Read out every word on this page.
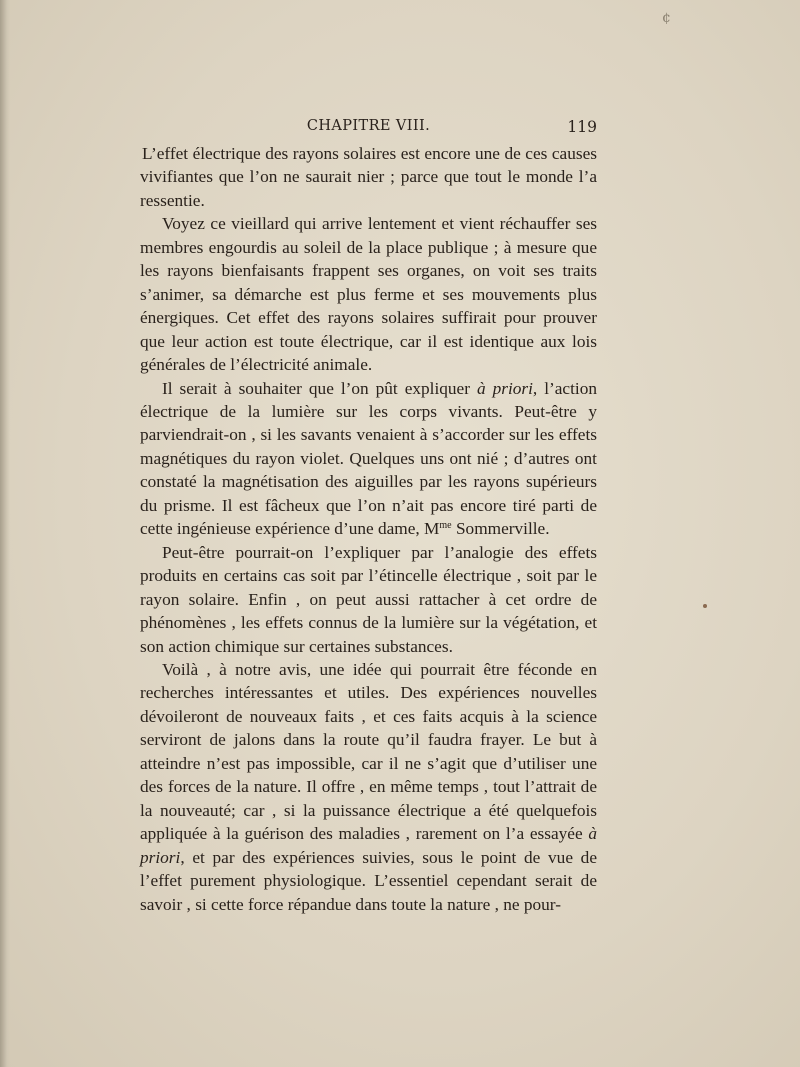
¢
CHAPITRE VIII.	119

L’effet électrique des rayons solaires est encore une de ces causes vivifiantes que l’on ne saurait nier ; parce que tout le monde l’a ressentie.

Voyez ce vieillard qui arrive lentement et vient réchauffer ses membres engourdis au soleil de la place publique ; à mesure que les rayons bienfaisants frappent ses organes, on voit ses traits s’animer, sa démarche est plus ferme et ses mouvements plus énergiques. Cet effet des rayons solaires suffirait pour prouver que leur action est toute électrique, car il est identique aux lois générales de l’électricité animale.

Il serait à souhaiter que l’on pût expliquer à priori, l’action électrique de la lumière sur les corps vivants. Peut-être y parviendrait-on , si les savants venaient à s’accorder sur les effets magnétiques du rayon violet. Quelques uns ont nié ; d’autres ont constaté la magnétisation des aiguilles par les rayons supérieurs du prisme. Il est fâcheux que l’on n’ait pas encore tiré parti de cette ingénieuse expérience d’une dame, $M^{me}$ Sommerville.

Peut-être pourrait-on l’expliquer par l’analogie des effets produits en certains cas soit par l’étincelle électrique , soit par le rayon solaire. Enfin , on peut aussi rattacher à cet ordre de phénomènes , les effets connus de la lumière sur la végétation, et son action chimique sur certaines substances.

Voilà , à notre avis, une idée qui pourrait être féconde en recherches intéressantes et utiles. Des expériences nouvelles dévoileront de nouveaux faits , et ces faits acquis à la science serviront de jalons dans la route qu’il faudra frayer. Le but à atteindre n’est pas impossible, car il ne s’agit que d’utiliser une des forces de la nature. Il offre , en même temps , tout l’attrait de la nouveauté; car , si la puissance électrique a été quelquefois appliquée à la guérison des maladies , rarement on l’a essayée à priori, et par des expériences suivies, sous le point de vue de l’effet purement physiologique. L’essentiel cependant serait de savoir , si cette force répandue dans toute la nature , ne pour-
